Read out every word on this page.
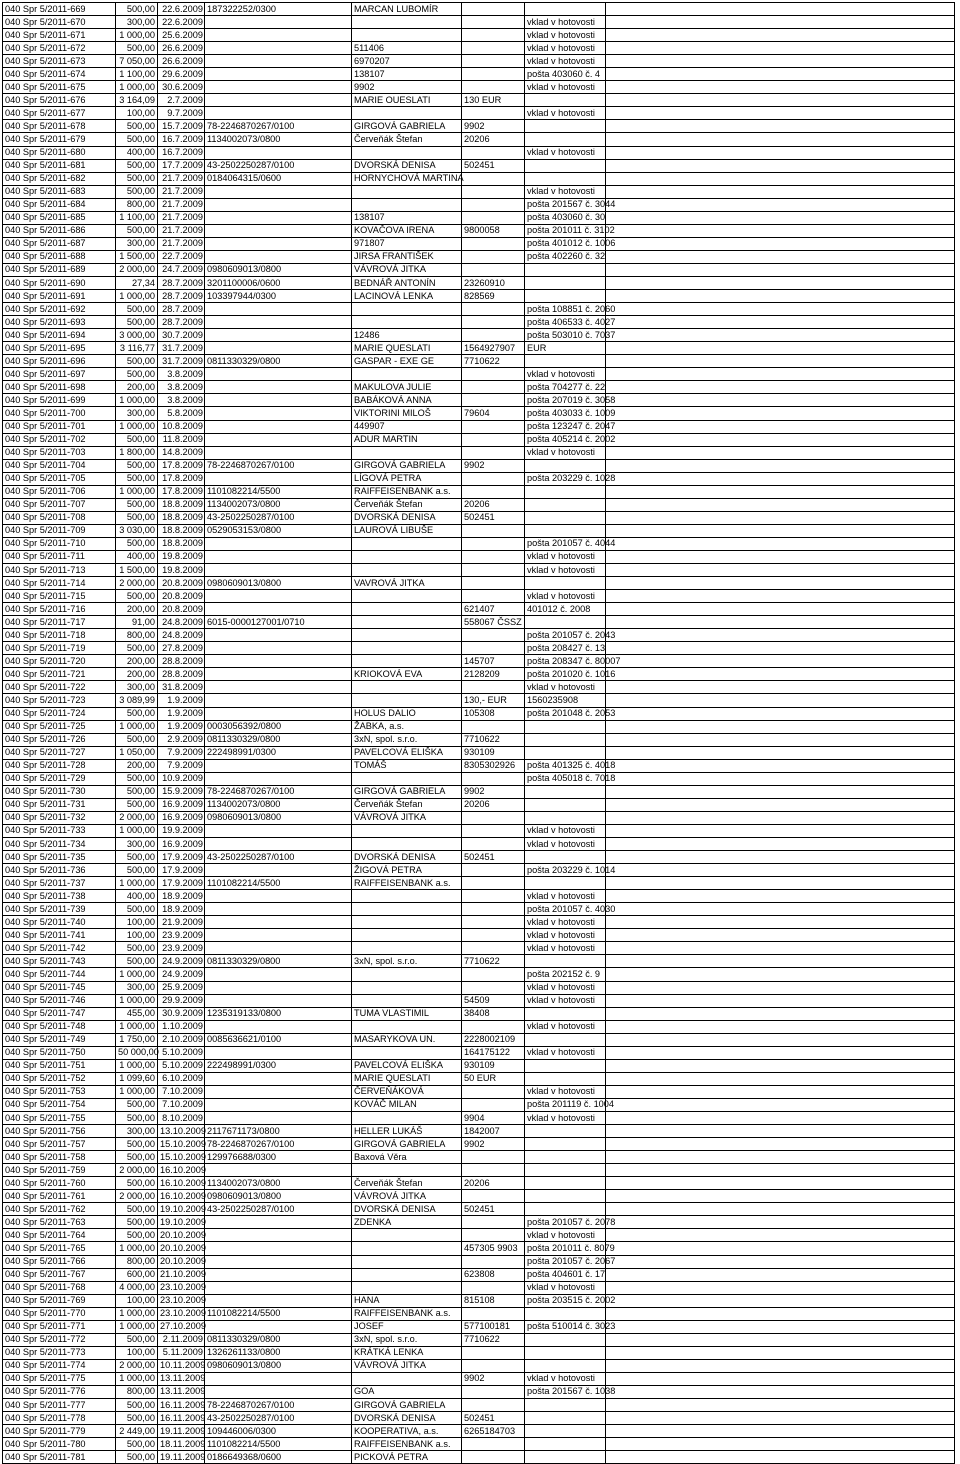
040 Spr 5/2011-669	500,00	22.6.2009	187322252/0300	MARCAN LUBOMÍR			
040 Spr 5/2011-670	300,00	22.6.2009				vklad v hotovosti	
040 Spr 5/2011-671	1 000,00	25.6.2009				vklad v hotovosti	
040 Spr 5/2011-672	500,00	26.6.2009		511406		vklad v hotovosti	
040 Spr 5/2011-673	7 050,00	26.6.2009		6970207		vklad v hotovosti	
040 Spr 5/2011-674	1 100,00	29.6.2009		138107		pošta 403060 č. 4	
040 Spr 5/2011-675	1 000,00	30.6.2009		9902		vklad v hotovosti	
040 Spr 5/2011-676	3 164,09	2.7.2009		MARIE OUESLATI	130 EUR		
040 Spr 5/2011-677	100,00	9.7.2009				vklad v hotovosti	
040 Spr 5/2011-678	500,00	15.7.2009	78-2246870267/0100	GIRGOVÁ GABRIELA	9902		
040 Spr 5/2011-679	500,00	16.7.2009	1134002073/0800	Červeňák Štefan	20206		
040 Spr 5/2011-680	400,00	16.7.2009				vklad v hotovosti	
040 Spr 5/2011-681	500,00	17.7.2009	43-2502250287/0100	DVORSKÁ DENISA	502451		
040 Spr 5/2011-682	500,00	21.7.2009	0184064315/0600	HORNYCHOVÁ MARTINA			
040 Spr 5/2011-683	500,00	21.7.2009				vklad v hotovosti	
040 Spr 5/2011-684	800,00	21.7.2009				pošta 201567 č. 3044	
040 Spr 5/2011-685	1 100,00	21.7.2009		138107		pošta 403060 č. 30	
040 Spr 5/2011-686	500,00	21.7.2009		KOVAČOVA IRENA	9800058	pošta 201011 č. 3102	
040 Spr 5/2011-687	300,00	21.7.2009		971807		pošta 401012 č. 1006	
040 Spr 5/2011-688	1 500,00	22.7.2009		JIRSA FRANTIŠEK		pošta 402260 č. 32	
040 Spr 5/2011-689	2 000,00	24.7.2009	0980609013/0800	VÁVROVÁ JITKA			
040 Spr 5/2011-690	27,34	28.7.2009	3201100006/0600	BEDNÁŘ ANTONÍN	23260910		
040 Spr 5/2011-691	1 000,00	28.7.2009	103397944/0300	LACINOVÁ LENKA	828569		
040 Spr 5/2011-692	500,00	28.7.2009				pošta 108851 č. 2060	
040 Spr 5/2011-693	500,00	28.7.2009				pošta 406533 č. 4027	
040 Spr 5/2011-694	3 000,00	30.7.2009		12486		pošta 503010 č. 7037	
040 Spr 5/2011-695	3 116,77	31.7.2009		MARIE QUESLATI	1564927907	EUR	
040 Spr 5/2011-696	500,00	31.7.2009	0811330329/0800	GASPAR - EXE GE	7710622		
040 Spr 5/2011-697	500,00	3.8.2009				vklad v hotovosti	
040 Spr 5/2011-698	200,00	3.8.2009		MAKULOVA JULIE		pošta 704277 č. 22	
040 Spr 5/2011-699	1 000,00	3.8.2009		BABÁKOVÁ ANNA		pošta 207019 č. 3058	
040 Spr 5/2011-700	300,00	5.8.2009		VIKTORINI MILOŠ	79604	pošta 403033 č. 1009	
040 Spr 5/2011-701	1 000,00	10.8.2009		449907		pošta 123247 č. 2047	
040 Spr 5/2011-702	500,00	11.8.2009		ADUR MARTIN		pošta 405214 č. 2002	
040 Spr 5/2011-703	1 800,00	14.8.2009				vklad v hotovosti	
040 Spr 5/2011-704	500,00	17.8.2009	78-2246870267/0100	GIRGOVÁ GABRIELA	9902		
040 Spr 5/2011-705	500,00	17.8.2009		LÍGOVÁ PETRA		pošta 203229 č. 1028	
040 Spr 5/2011-706	1 000,00	17.8.2009	1101082214/5500	RAIFFEISENBANK a.s.			
040 Spr 5/2011-707	500,00	18.8.2009	1134002073/0800	Červeňák Štefan	20206		
040 Spr 5/2011-708	500,00	18.8.2009	43-2502250287/0100	DVORSKÁ DENISA	502451		
040 Spr 5/2011-709	3 030,00	18.8.2009	0529053153/0800	LAUROVÁ LIBUŠE			
040 Spr 5/2011-710	500,00	18.8.2009				pošta 201057 č. 4044	
040 Spr 5/2011-711	400,00	19.8.2009				vklad v hotovosti	
040 Spr 5/2011-713	1 500,00	19.8.2009				vklad v hotovosti	
040 Spr 5/2011-714	2 000,00	20.8.2009	0980609013/0800	VAVROVÁ JITKA			
040 Spr 5/2011-715	500,00	20.8.2009				vklad v hotovosti	
040 Spr 5/2011-716	200,00	20.8.2009			621407	401012 č. 2008	
040 Spr 5/2011-717	91,00	24.8.2009	6015-0000127001/0710		558067 ČSSZ		
040 Spr 5/2011-718	800,00	24.8.2009				pošta 201057 č. 2043	
040 Spr 5/2011-719	500,00	27.8.2009				pošta 208427 č. 13	
040 Spr 5/2011-720	200,00	28.8.2009			145707	pošta 208347 č. 80007	
040 Spr 5/2011-721	200,00	28.8.2009		KRIOKOVÁ EVA	2128209	pošta 201020 č. 1016	
040 Spr 5/2011-722	300,00	31.8.2009				vklad v hotovosti	
040 Spr 5/2011-723	3 089,99	1.9.2009			130,- EUR	1560235908	
040 Spr 5/2011-724	500,00	1.9.2009		HOLUS DALIO	105308	pošta 201048 č. 2053	
040 Spr 5/2011-725	1 000,00	1.9.2009	0003056392/0800	ŽABKA, a.s.			
040 Spr 5/2011-726	500,00	2.9.2009	0811330329/0800	3xN, spol. s.r.o.	7710622		
040 Spr 5/2011-727	1 050,00	7.9.2009	222498991/0300	PAVELCOVÁ ELIŠKA	930109		
040 Spr 5/2011-728	200,00	7.9.2009		TOMÁŠ	8305302926	pošta 401325 č. 4018	
040 Spr 5/2011-729	500,00	10.9.2009				pošta 405018 č. 7018	
040 Spr 5/2011-730	500,00	15.9.2009	78-2246870267/0100	GIRGOVÁ GABRIELA	9902		
040 Spr 5/2011-731	500,00	16.9.2009	1134002073/0800	Červeňák Štefan	20206		
040 Spr 5/2011-732	2 000,00	16.9.2009	0980609013/0800	VÁVROVÁ JITKA			
040 Spr 5/2011-733	1 000,00	19.9.2009				vklad v hotovosti	
040 Spr 5/2011-734	300,00	16.9.2009				vklad v hotovosti	
040 Spr 5/2011-735	500,00	17.9.2009	43-2502250287/0100	DVORSKÁ DENISA	502451		
040 Spr 5/2011-736	500,00	17.9.2009		ŽIGOVÁ PETRA		pošta 203229 č. 1014	
040 Spr 5/2011-737	1 000,00	17.9.2009	1101082214/5500	RAIFFEISENBANK a.s.			
040 Spr 5/2011-738	400,00	18.9.2009				vklad v hotovosti	
040 Spr 5/2011-739	500,00	18.9.2009				pošta 201057 č. 4030	
040 Spr 5/2011-740	100,00	21.9.2009				vklad v hotovosti	
040 Spr 5/2011-741	100,00	23.9.2009				vklad v hotovosti	
040 Spr 5/2011-742	500,00	23.9.2009				vklad v hotovosti	
040 Spr 5/2011-743	500,00	24.9.2009	0811330329/0800	3xN, spol. s.r.o.	7710622		
040 Spr 5/2011-744	1 000,00	24.9.2009				pošta 202152 č. 9	
040 Spr 5/2011-745	300,00	25.9.2009				vklad v hotovosti	
040 Spr 5/2011-746	1 000,00	29.9.2009			54509	vklad v hotovosti	
040 Spr 5/2011-747	455,00	30.9.2009	1235319133/0800	TUMA VLASTIMIL	38408		
040 Spr 5/2011-748	1 000,00	1.10.2009				vklad v hotovosti	
040 Spr 5/2011-749	1 750,00	2.10.2009	0085636621/0100	MASARYKOVA UN.	2228002109		
040 Spr 5/2011-750	50 000,00	5.10.2009			164175122	vklad v hotovosti	
040 Spr 5/2011-751	1 000,00	5.10.2009	222498991/0300	PAVELCOVÁ ELIŠKA	930109		
040 Spr 5/2011-752	1 099,60	6.10.2009		MARIE QUESLATI	50 EUR		
040 Spr 5/2011-753	1 000,00	7.10.2009		ČERVEŇÁKOVÁ		vklad v hotovosti	
040 Spr 5/2011-754	500,00	7.10.2009		KOVÁČ MILAN		pošta 201119 č. 1004	
040 Spr 5/2011-755	500,00	8.10.2009			9904	vklad v hotovosti	
040 Spr 5/2011-756	300,00	13.10.2009	2117671173/0800	HELLER LUKÁŠ	1842007		
040 Spr 5/2011-757	500,00	15.10.2009	78-2246870267/0100	GIRGOVÁ GABRIELA	9902		
040 Spr 5/2011-758	500,00	15.10.2009	129976688/0300	Baxová Věra			
040 Spr 5/2011-759	2 000,00	16.10.2009					
040 Spr 5/2011-760	500,00	16.10.2009	1134002073/0800	Červeňák Štefan	20206		
040 Spr 5/2011-761	2 000,00	16.10.2009	0980609013/0800	VÁVROVÁ JITKA			
040 Spr 5/2011-762	500,00	19.10.2009	43-2502250287/0100	DVORSKÁ DENISA	502451		
040 Spr 5/2011-763	500,00	19.10.2009		ZDENKA		pošta 201057 č. 2078	
040 Spr 5/2011-764	500,00	20.10.2009				vklad v hotovosti	
040 Spr 5/2011-765	1 000,00	20.10.2009			457305 9903	pošta 201011 č. 8079	
040 Spr 5/2011-766	800,00	20.10.2009				pošta 201057 č. 2067	
040 Spr 5/2011-767	600,00	21.10.2009			623808	pošta 404601 č. 17	
040 Spr 5/2011-768	4 000,00	23.10.2009				vklad v hotovosti	
040 Spr 5/2011-769	100,00	23.10.2009		HANA	815108	pošta 203515 č. 2002	
040 Spr 5/2011-770	1 000,00	23.10.2009	1101082214/5500	RAIFFEISENBANK a.s.			
040 Spr 5/2011-771	1 000,00	27.10.2009		JOSEF	577100181	pošta 510014 č. 3023	
040 Spr 5/2011-772	500,00	2.11.2009	0811330329/0800	3xN, spol. s.r.o.	7710622		
040 Spr 5/2011-773	100,00	5.11.2009	1326261133/0800	KRÁTKÁ LENKA			
040 Spr 5/2011-774	2 000,00	10.11.2009	0980609013/0800	VÁVROVÁ JITKA			
040 Spr 5/2011-775	1 000,00	13.11.2009			9902	vklad v hotovosti	
040 Spr 5/2011-776	800,00	13.11.2009		GOA		pošta 201567 č. 1038	
040 Spr 5/2011-777	500,00	16.11.2009	78-2246870267/0100	GIRGOVÁ GABRIELA			
040 Spr 5/2011-778	500,00	16.11.2009	43-2502250287/0100	DVORSKÁ DENISA	502451		
040 Spr 5/2011-779	2 449,00	19.11.2009	109446006/0300	KOOPERATIVA, a.s.	6265184703		
040 Spr 5/2011-780	500,00	18.11.2009	1101082214/5500	RAIFFEISENBANK a.s.			
040 Spr 5/2011-781	500,00	19.11.2009	0186649368/0600	PICKOVÁ PETRA			
